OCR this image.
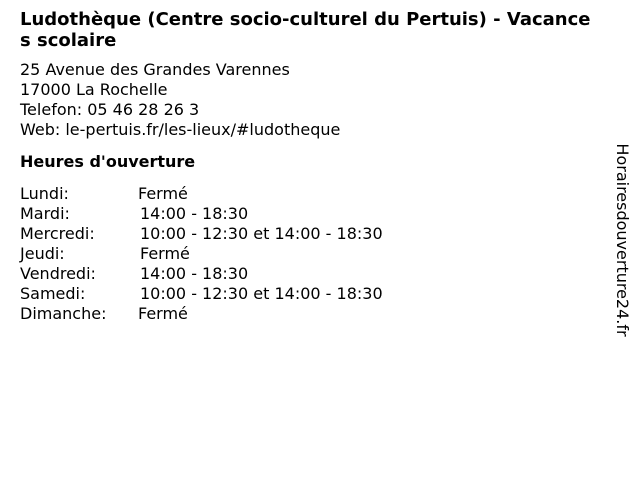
Ludothèque (Centre socio-culturel du Pertuis) - Vacances scolaire
25 Avenue des Grandes Varennes
17000 La Rochelle
Telefon: 05 46 28 26 3
Web: le-pertuis.fr/les-lieux/#ludotheque
Heures d'ouverture
Lundi:	Fermé
Mardi:	14:00 - 18:30
Mercredi:	10:00 - 12:30 et 14:00 - 18:30
Jeudi:	Fermé
Vendredi:	14:00 - 18:30
Samedi:	10:00 - 12:30 et 14:00 - 18:30
Dimanche: Fermé	Horairesdouverture24.fr
